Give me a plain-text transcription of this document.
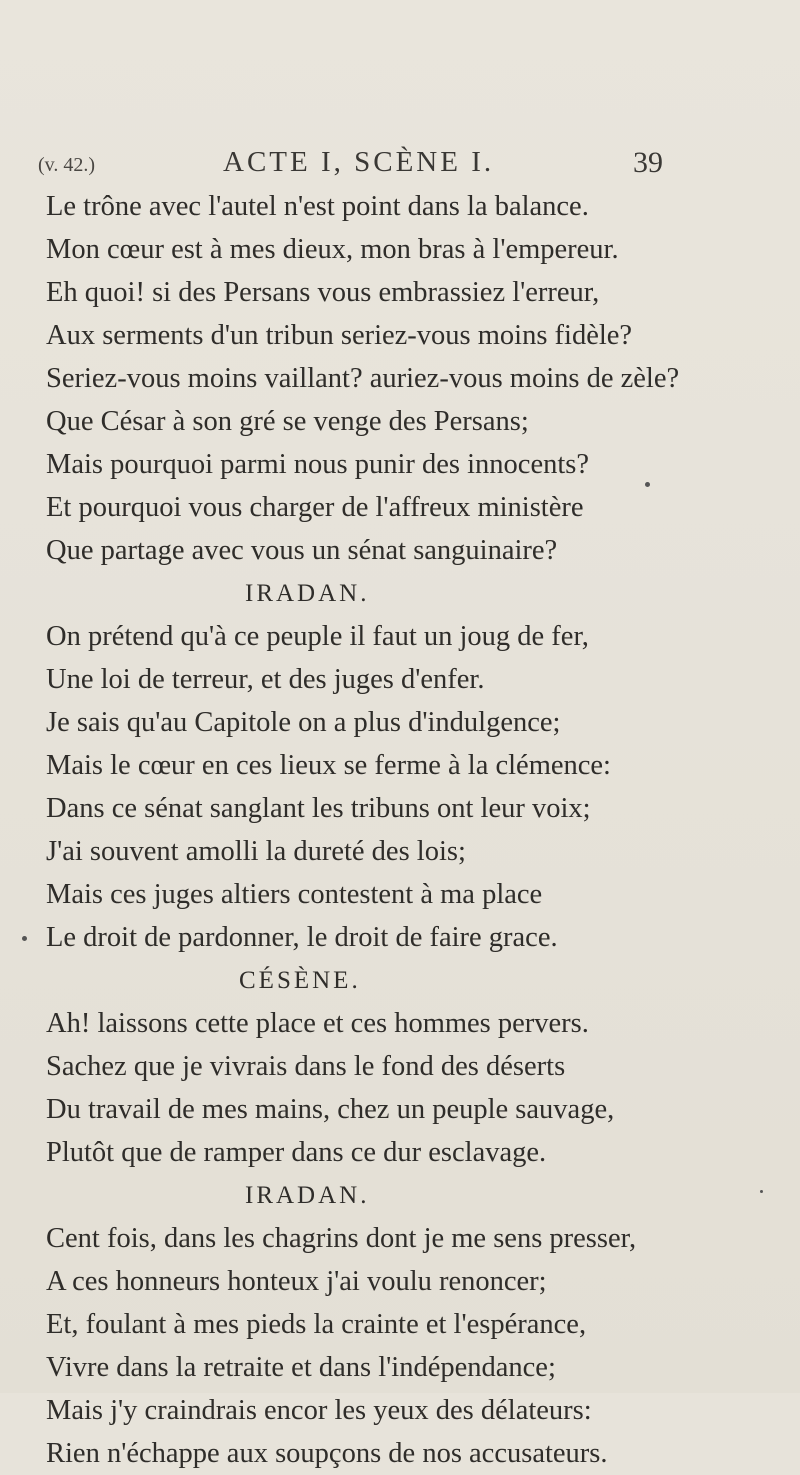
(v. 42.)	ACTE I, SCÈNE I.	39
Le trône avec l'autel n'est point dans la balance.
Mon cœur est à mes dieux, mon bras à l'empereur.
Eh quoi! si des Persans vous embrassiez l'erreur,
Aux serments d'un tribun seriez-vous moins fidèle?
Seriez-vous moins vaillant? auriez-vous moins de zèle?
Que César à son gré se venge des Persans;
Mais pourquoi parmi nous punir des innocents?
Et pourquoi vous charger de l'affreux ministère
Que partage avec vous un sénat sanguinaire?
IRADAN.
On prétend qu'à ce peuple il faut un joug de fer,
Une loi de terreur, et des juges d'enfer.
Je sais qu'au Capitole on a plus d'indulgence;
Mais le cœur en ces lieux se ferme à la clémence:
Dans ce sénat sanglant les tribuns ont leur voix;
J'ai souvent amolli la dureté des lois;
Mais ces juges altiers contestent à ma place
Le droit de pardonner, le droit de faire grace.
CÉSÈNE.
Ah! laissons cette place et ces hommes pervers.
Sachez que je vivrais dans le fond des déserts
Du travail de mes mains, chez un peuple sauvage,
Plutôt que de ramper dans ce dur esclavage.
IRADAN.
Cent fois, dans les chagrins dont je me sens presser,
A ces honneurs honteux j'ai voulu renoncer;
Et, foulant à mes pieds la crainte et l'espérance,
Vivre dans la retraite et dans l'indépendance;
Mais j'y craindrais encor les yeux des délateurs:
Rien n'échappe aux soupçons de nos accusateurs.
